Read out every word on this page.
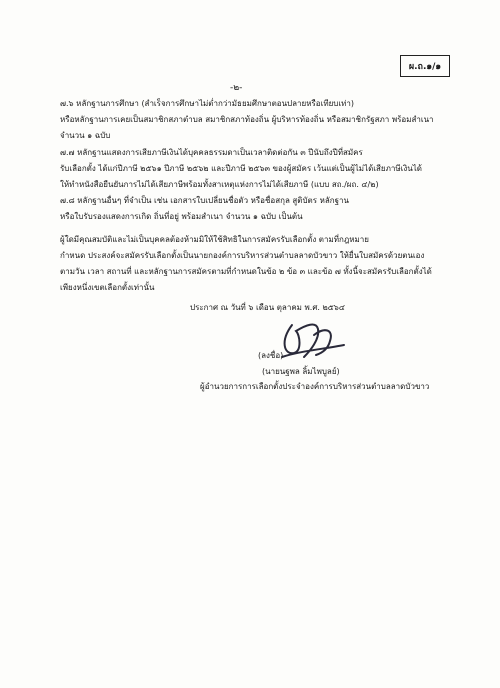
ผ.ถ.๑/๑
-๒-
๗.๖ หลักฐานการศึกษา (สำเร็จการศึกษาไม่ต่ำกว่ามัธยมศึกษาตอนปลายหรือเทียบเท่า)
หรือหลักฐานการเคยเป็นสมาชิกสภาตำบล สมาชิกสภาท้องถิ่น ผู้บริหารท้องถิ่น หรือสมาชิกรัฐสภา พร้อมสำเนา
จำนวน ๑ ฉบับ
๗.๗ หลักฐานแสดงการเสียภาษีเงินได้บุคคลธรรมดาเป็นเวลาติดต่อกัน ๓ ปีนับถึงปีที่สมัคร
รับเลือกตั้ง ได้แก่ปีภาษี ๒๕๖๑ ปีภาษี ๒๕๖๒ และปีภาษี ๒๕๖๓ ของผู้สมัคร เว้นแต่เป็นผู้ไม่ได้เสียภาษีเงินได้
ให้ทำหนังสือยืนยันการไม่ได้เสียภาษีพร้อมทั้งสาเหตุแห่งการไม่ได้เสียภาษี (แบบ สถ./ผถ. ๔/๒)
๗.๘ หลักฐานอื่นๆ ที่จำเป็น เช่น เอกสารใบเปลี่ยนชื่อตัว หรือชื่อสกุล สูติบัตร หลักฐาน
หรือใบรับรองแสดงการเกิด ถิ่นที่อยู่ พร้อมสำเนา จำนวน ๑ ฉบับ เป็นต้น
ผู้ใดมีคุณสมบัติและไม่เป็นบุคคลต้องห้ามมิให้ใช้สิทธิในการสมัครรับเลือกตั้ง ตามที่กฎหมาย
กำหนด ประสงค์จะสมัครรับเลือกตั้งเป็นนายกองค์การบริหารส่วนตำบลลาดบัวขาว ให้ยื่นใบสมัครด้วยตนเอง
ตามวัน เวลา สถานที่ และหลักฐานการสมัครตามที่กำหนดในข้อ ๒ ข้อ ๓ และข้อ ๗ ทั้งนี้จะสมัครรับเลือกตั้งได้
เพียงหนึ่งเขตเลือกตั้งเท่านั้น
ประกาศ ณ วันที่ ๖ เดือน ตุลาคม พ.ศ. ๒๕๖๔
(ลงชื่อ)
(นายนฐพล ลิ้มไพบูลย์)
ผู้อำนวยการการเลือกตั้งประจำองค์การบริหารส่วนตำบลลาดบัวขาว
